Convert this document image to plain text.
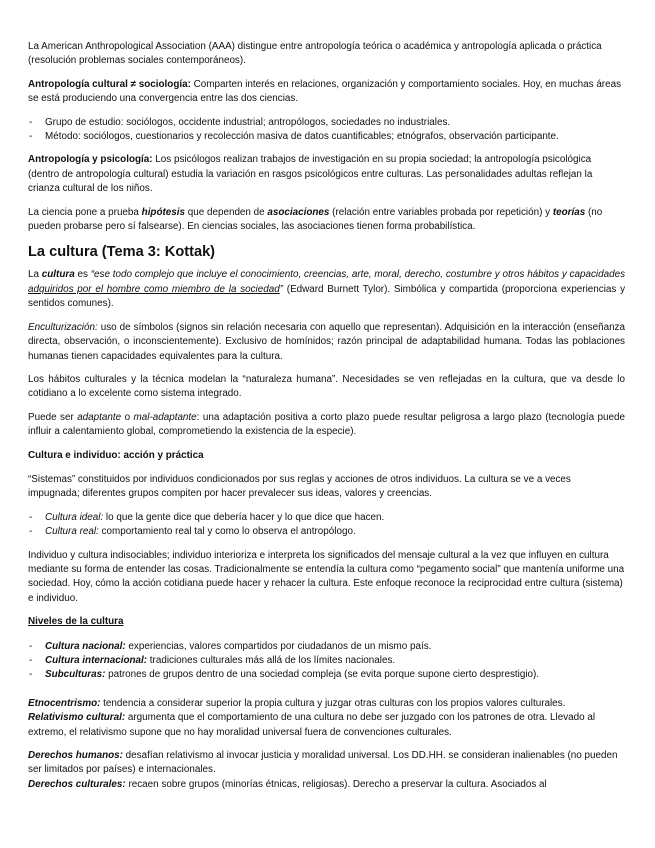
La American Anthropological Association (AAA) distingue entre antropología teórica o académica y antropología aplicada o práctica (resolución problemas sociales contemporáneos).

Antropología cultural ≠ sociología: Comparten interés en relaciones, organización y comportamiento sociales. Hoy, en muchas áreas se está produciendo una convergencia entre las dos ciencias.

- Grupo de estudio: sociólogos, occidente industrial; antropólogos, sociedades no industriales.
- Método: sociólogos, cuestionarios y recolección masiva de datos cuantificables; etnógrafos, observación participante.

Antropología y psicología: Los psicólogos realizan trabajos de investigación en su propia sociedad; la antropología psicológica (dentro de antropología cultural) estudia la variación en rasgos psicológicos entre culturas. Las personalidades adultas reflejan la crianza cultural de los niños.

La ciencia pone a prueba hipótesis que dependen de asociaciones (relación entre variables probada por repetición) y teorías (no pueden probarse pero sí falsearse). En ciencias sociales, las asociaciones tienen forma probabilística.

La cultura (Tema 3: Kottak)

La cultura es “ese todo complejo que incluye el conocimiento, creencias, arte, moral, derecho, costumbre y otros hábitos y capacidades adquiridos por el hombre como miembro de la sociedad” (Edward Burnett Tylor). Simbólica y compartida (proporciona experiencias y sentidos comunes).

Enculturización: uso de símbolos (signos sin relación necesaria con aquello que representan). Adquisición en la interacción (enseñanza directa, observación, o inconscientemente). Exclusivo de homínidos; razón principal de adaptabilidad humana. Todas las poblaciones humanas tienen capacidades equivalentes para la cultura.

Los hábitos culturales y la técnica modelan la “naturaleza humana”. Necesidades se ven reflejadas en la cultura, que va desde lo cotidiano a lo excelente como sistema integrado.

Puede ser adaptante o mal-adaptante: una adaptación positiva a corto plazo puede resultar peligrosa a largo plazo (tecnología puede influir a calentamiento global, comprometiendo la existencia de la especie).

Cultura e individuo: acción y práctica

“Sistemas” constituidos por individuos condicionados por sus reglas y acciones de otros individuos. La cultura se ve a veces impugnada; diferentes grupos compiten por hacer prevalecer sus ideas, valores y creencias.

- Cultura ideal: lo que la gente dice que debería hacer y lo que dice que hacen.
- Cultura real: comportamiento real tal y como lo observa el antropólogo.

Individuo y cultura indisociables; individuo interioriza e interpreta los significados del mensaje cultural a la vez que influyen en cultura mediante su forma de entender las cosas. Tradicionalmente se entendía la cultura como “pegamento social” que mantenía uniforme una sociedad. Hoy, cómo la acción cotidiana puede hacer y rehacer la cultura. Este enfoque reconoce la reciprocidad entre cultura (sistema) e individuo.

Niveles de la cultura
- Cultura nacional: experiencias, valores compartidos por ciudadanos de un mismo país.
- Cultura internacional: tradiciones culturales más allá de los límites nacionales.
- Subculturas: patrones de grupos dentro de una sociedad compleja (se evita porque supone cierto desprestigio).

Etnocentrismo: tendencia a considerar superior la propia cultura y juzgar otras culturas con los propios valores culturales.
Relativismo cultural: argumenta que el comportamiento de una cultura no debe ser juzgado con los patrones de otra. Llevado al extremo, el relativismo supone que no hay moralidad universal fuera de convenciones culturales.

Derechos humanos: desafían relativismo al invocar justicia y moralidad universal. Los DD.HH. se consideran inalienables (no pueden ser limitados por países) e internacionales.
Derechos culturales: recaen sobre grupos (minorías étnicas, religiosas). Derecho a preservar la cultura. Asociados al
